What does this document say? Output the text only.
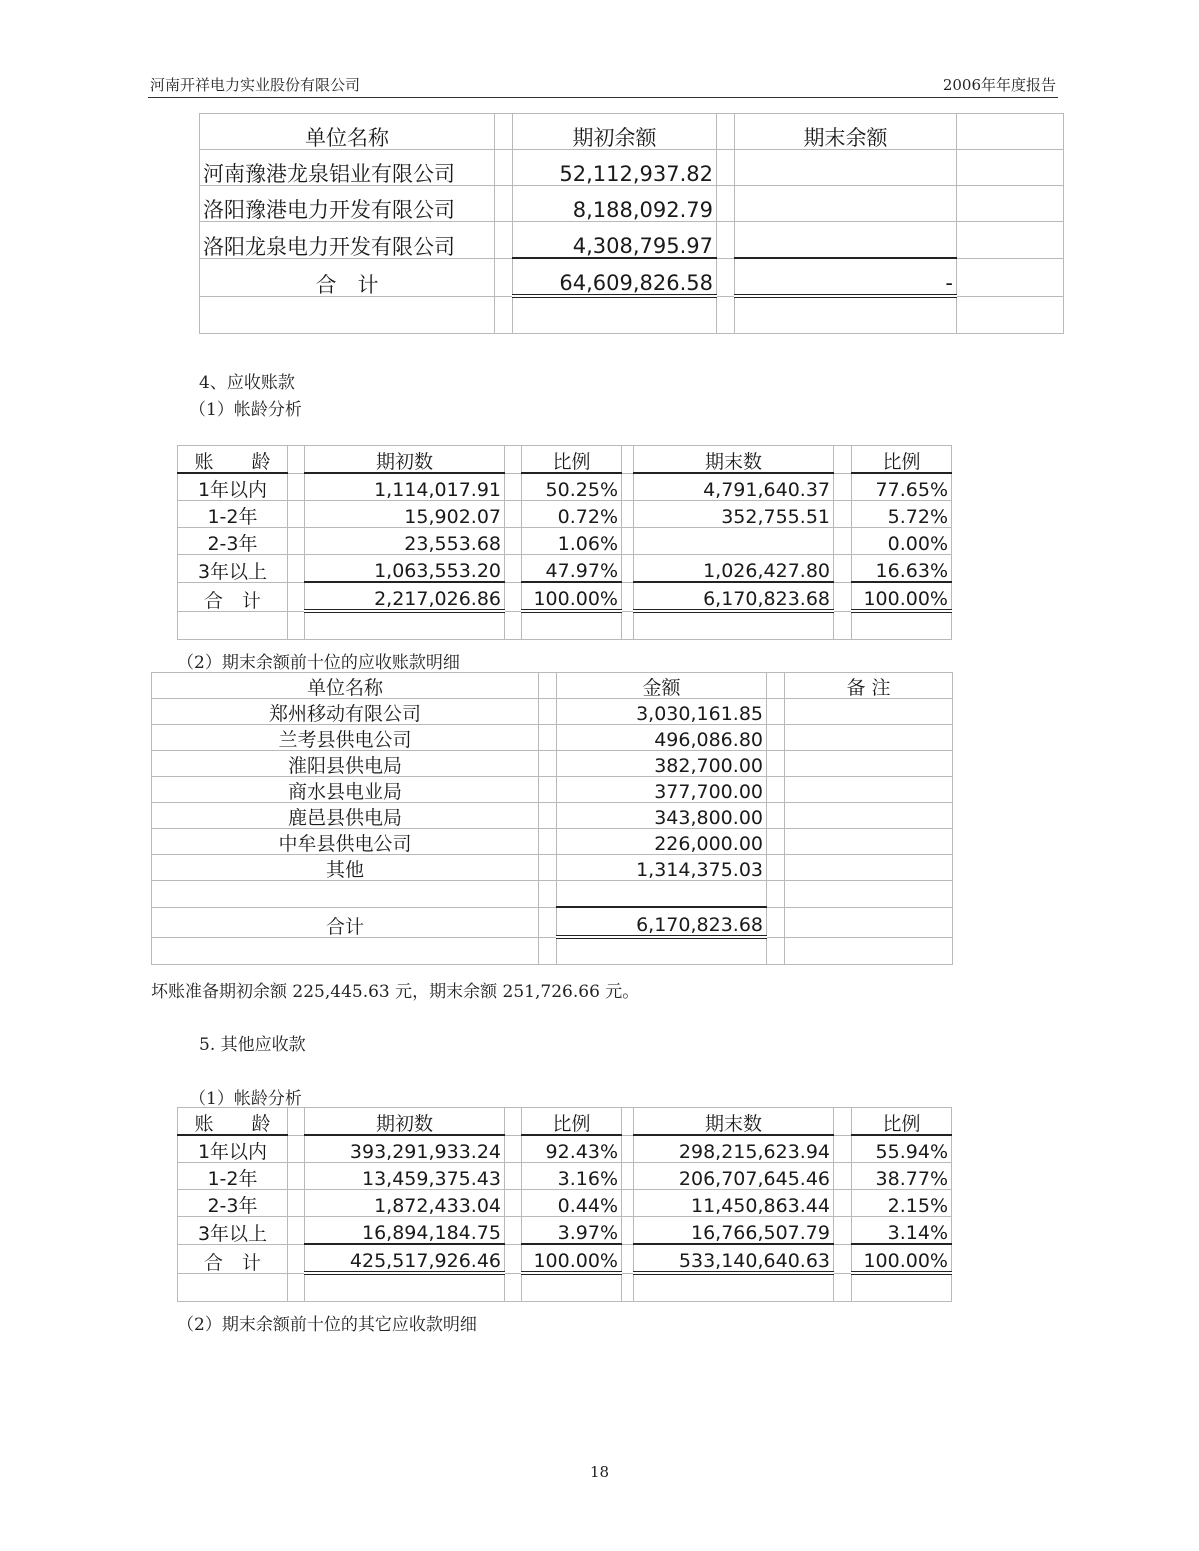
河南开祥电力实业股份有限公司	2006年年度报告
单位名称		期初余额		期末余额	
河南豫港龙泉铝业有限公司		52,112,937.82			
洛阳豫港电力开发有限公司		8,188,092.79			
洛阳龙泉电力开发有限公司		4,308,795.97			
合　计		64,609,826.58		-	

4、应收账款
（1）帐龄分析
账　　龄		期初数		比例		期末数		比例
1年以内		1,114,017.91		50.25%		4,791,640.37		77.65%
1-2年		15,902.07		0.72%		352,755.51		5.72%
2-3年		23,553.68		1.06%				0.00%
3年以上		1,063,553.20		47.97%		1,026,427.80		16.63%
合　计		2,217,026.86		100.00%		6,170,823.68		100.00%

（2）期末余额前十位的应收账款明细
单位名称		金额		备 注
郑州移动有限公司		3,030,161.85		
兰考县供电公司		496,086.80		
淮阳县供电局		382,700.00		
商水县电业局		377,700.00		
鹿邑县供电局		343,800.00		
中牟县供电公司		226,000.00		
其他		1,314,375.03		

合计		6,170,823.68		

坏账准备期初余额 225,445.63 元，期末余额 251,726.66 元。
5. 其他应收款
（1）帐龄分析
账　　龄		期初数		比例		期末数		比例
1年以内		393,291,933.24		92.43%		298,215,623.94		55.94%
1-2年		13,459,375.43		3.16%		206,707,645.46		38.77%
2-3年		1,872,433.04		0.44%		11,450,863.44		2.15%
3年以上		16,894,184.75		3.97%		16,766,507.79		3.14%
合　计		425,517,926.46		100.00%		533,140,640.63		100.00%

（2）期末余额前十位的其它应收款明细
18
